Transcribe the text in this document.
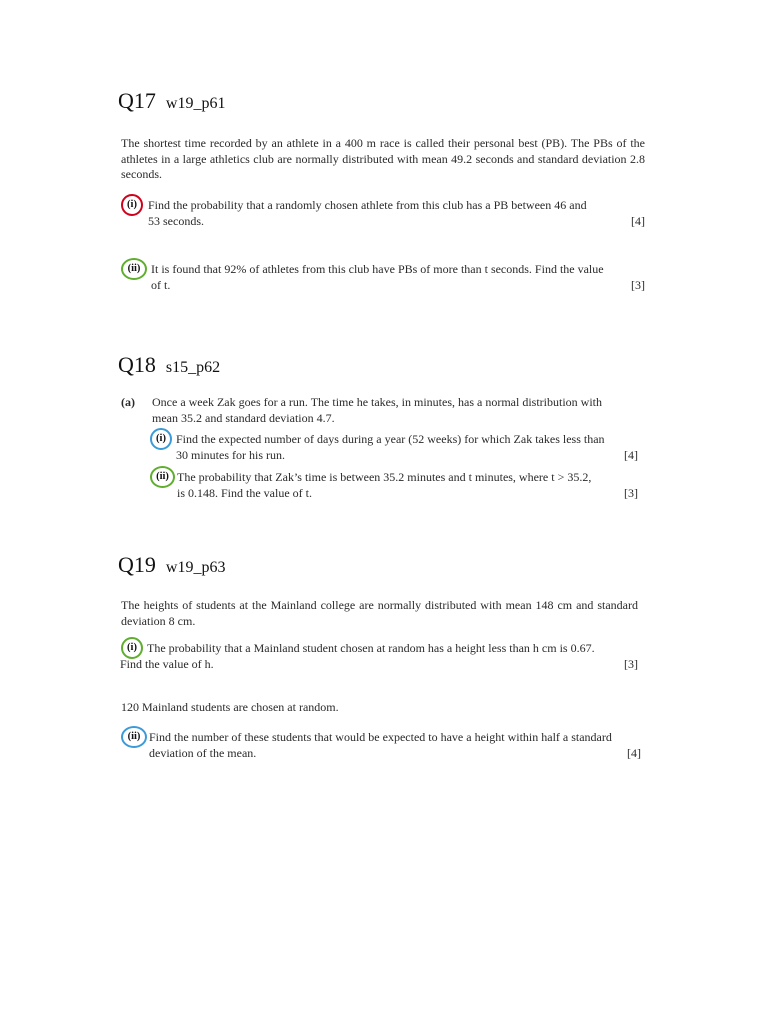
Q17 w19_p61

The shortest time recorded by an athlete in a 400 m race is called their personal best (PB). The PBs of the athletes in a large athletics club are normally distributed with mean 49.2 seconds and standard deviation 2.8 seconds.

(i) Find the probability that a randomly chosen athlete from this club has a PB between 46 and
53 seconds.	[4]
(ii) It is found that 92% of athletes from this club have PBs of more than t seconds. Find the value
of t.	[3]
Q18 s15_p62
(a) Once a week Zak goes for a run. The time he takes, in minutes, has a normal distribution with
mean 35.2 and standard deviation 4.7.
(i) Find the expected number of days during a year (52 weeks) for which Zak takes less than
30 minutes for his run.	[4]
(ii) The probability that Zak’s time is between 35.2 minutes and t minutes, where t > 35.2,
is 0.148. Find the value of t.	[3]
Q19 w19_p63

The heights of students at the Mainland college are normally distributed with mean 148 cm and standard deviation 8 cm.

(i) The probability that a Mainland student chosen at random has a height less than h cm is 0.67.
Find the value of h.	[3]

120 Mainland students are chosen at random.

(ii) Find the number of these students that would be expected to have a height within half a standard
deviation of the mean.	[4]
